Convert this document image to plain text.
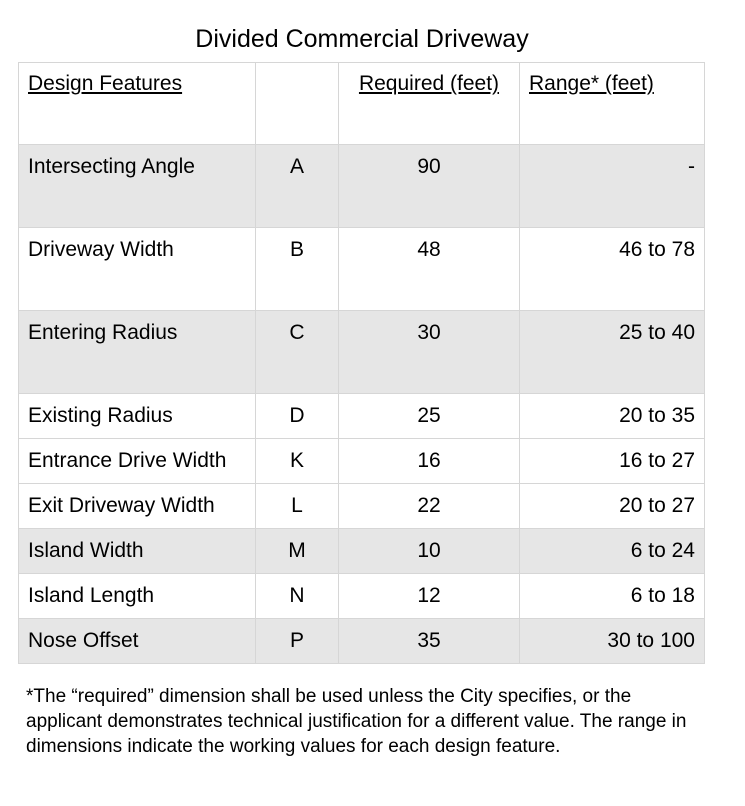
Divided Commercial Driveway
Design Features		Required (feet)	Range* (feet)
Intersecting Angle	A	90	-
Driveway Width	B	48	46 to 78
Entering Radius	C	30	25 to 40
Existing Radius	D	25	20 to 35
Entrance Drive Width	K	16	16 to 27
Exit Driveway Width	L	22	20 to 27
Island Width	M	10	6 to 24
Island Length	N	12	6 to 18
Nose Offset	P	35	30 to 100
*The “required” dimension shall be used unless the City specifies, or the applicant demonstrates technical justification for a different value. The range in dimensions indicate the working values for each design feature.
